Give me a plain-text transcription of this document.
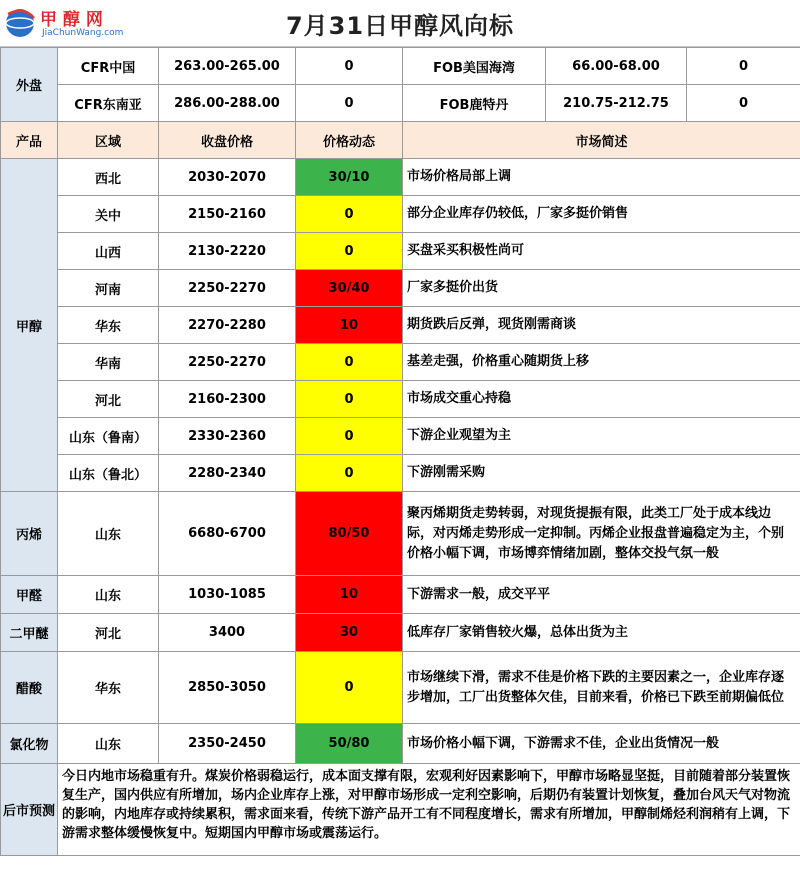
甲 醇 网
JiaChunWang.com	7月31日甲醇风向标
外盘	CFR中国	263.00-265.00	0	FOB美国海湾	66.00-68.00	0
	CFR东南亚	286.00-288.00	0	FOB鹿特丹	210.75-212.75	0
产品	区域	收盘价格	价格动态	市场简述		
甲醇	西北	2030-2070	30/10	市场价格局部上调		
	关中	2150-2160	0	部分企业库存仍较低，厂家多挺价销售		
	山西	2130-2220	0	买盘采买积极性尚可		
	河南	2250-2270	30/40	厂家多挺价出货		
	华东	2270-2280	10	期货跌后反弹，现货刚需商谈		
	华南	2250-2270	0	基差走强，价格重心随期货上移		
	河北	2160-2300	0	市场成交重心持稳		
	山东（鲁南）	2330-2360	0	下游企业观望为主		
	山东（鲁北）	2280-2340	0	下游刚需采购		
丙烯	山东	6680-6700	80/50	聚丙烯期货走势转弱，对现货提振有限，此类工厂处于成本线边际，对丙烯走势形成一定抑制。丙烯企业报盘普遍稳定为主，个别价格小幅下调，市场博弈情绪加剧，整体交投气氛一般		
甲醛	山东	1030-1085	10	下游需求一般，成交平平		
二甲醚	河北	3400	30	低库存厂家销售较火爆，总体出货为主		
醋酸	华东	2850-3050	0	市场继续下滑，需求不佳是价格下跌的主要因素之一，企业库存逐步增加，工厂出货整体欠佳，目前来看，价格已下跌至前期偏低位		
氯化物	山东	2350-2450	50/80	市场价格小幅下调，下游需求不佳，企业出货情况一般		
后市预测	今日内地市场稳重有升。煤炭价格弱稳运行，成本面支撑有限，宏观利好因素影响下，甲醇市场略显坚挺，目前随着部分装置恢复生产，国内供应有所增加，场内企业库存上涨，对甲醇市场形成一定利空影响，后期仍有装置计划恢复，叠加台风天气对物流的影响，内地库存或持续累积，需求面来看，传统下游产品开工有不同程度增长，需求有所增加，甲醇制烯烃利润稍有上调，下游需求整体缓慢恢复中。短期国内甲醇市场或震荡运行。					
